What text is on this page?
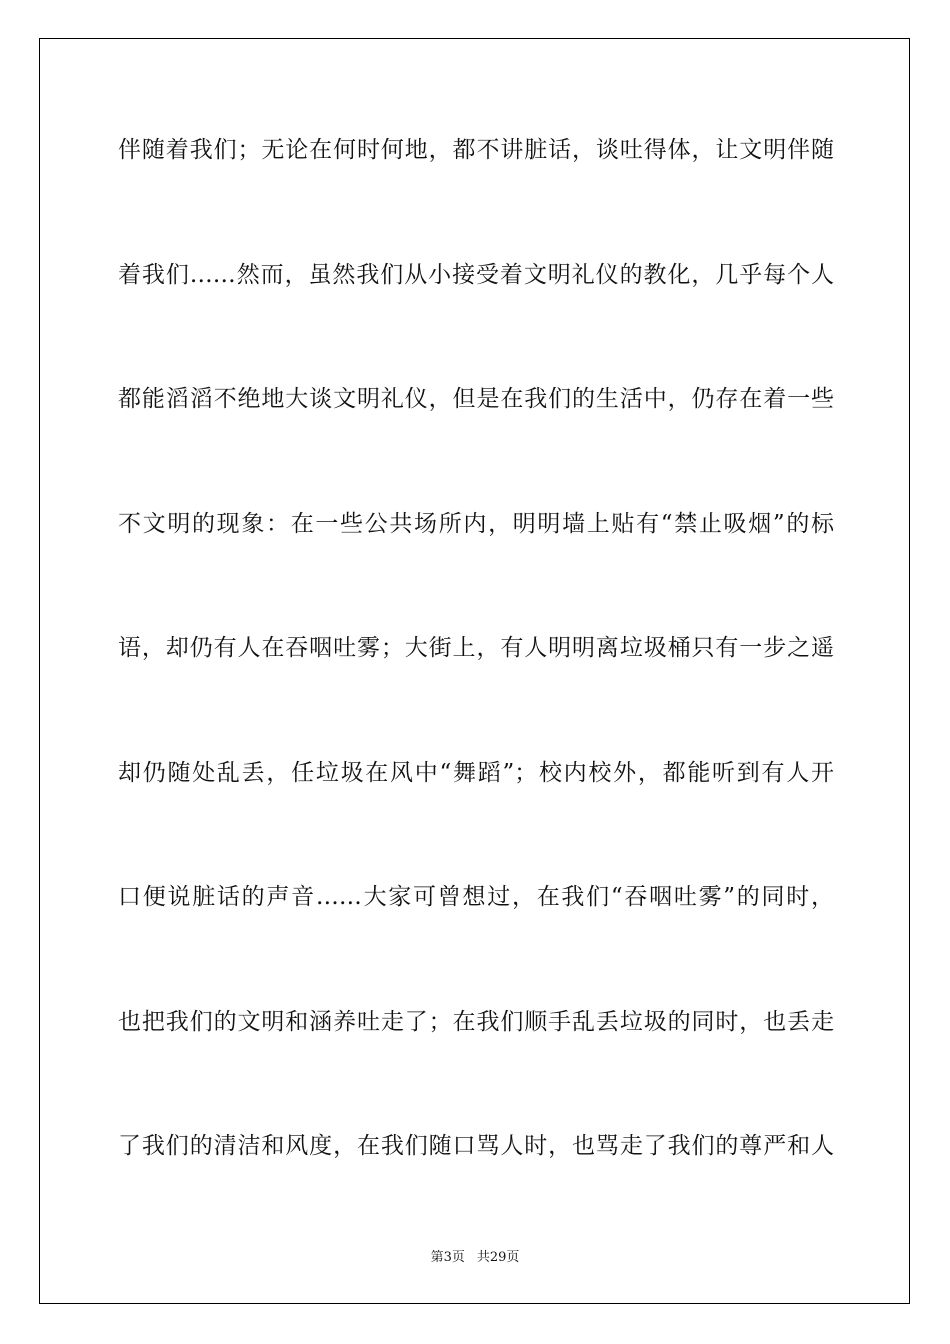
伴随着我们；无论在何时何地，都不讲脏话，谈吐得体，让文明伴随
着我们……然而，虽然我们从小接受着文明礼仪的教化，几乎每个人
都能滔滔不绝地大谈文明礼仪，但是在我们的生活中，仍存在着一些
不文明的现象：在一些公共场所内，明明墙上贴有“禁止吸烟”的标
语，却仍有人在吞咽吐雾；大街上，有人明明离垃圾桶只有一步之遥
却仍随处乱丢，任垃圾在风中“舞蹈”；校内校外，都能听到有人开
口便说脏话的声音……大家可曾想过，在我们“吞咽吐雾”的同时，
也把我们的文明和涵养吐走了；在我们顺手乱丢垃圾的同时，也丢走
了我们的清洁和风度，在我们随口骂人时，也骂走了我们的尊严和人
第3页 共29页
